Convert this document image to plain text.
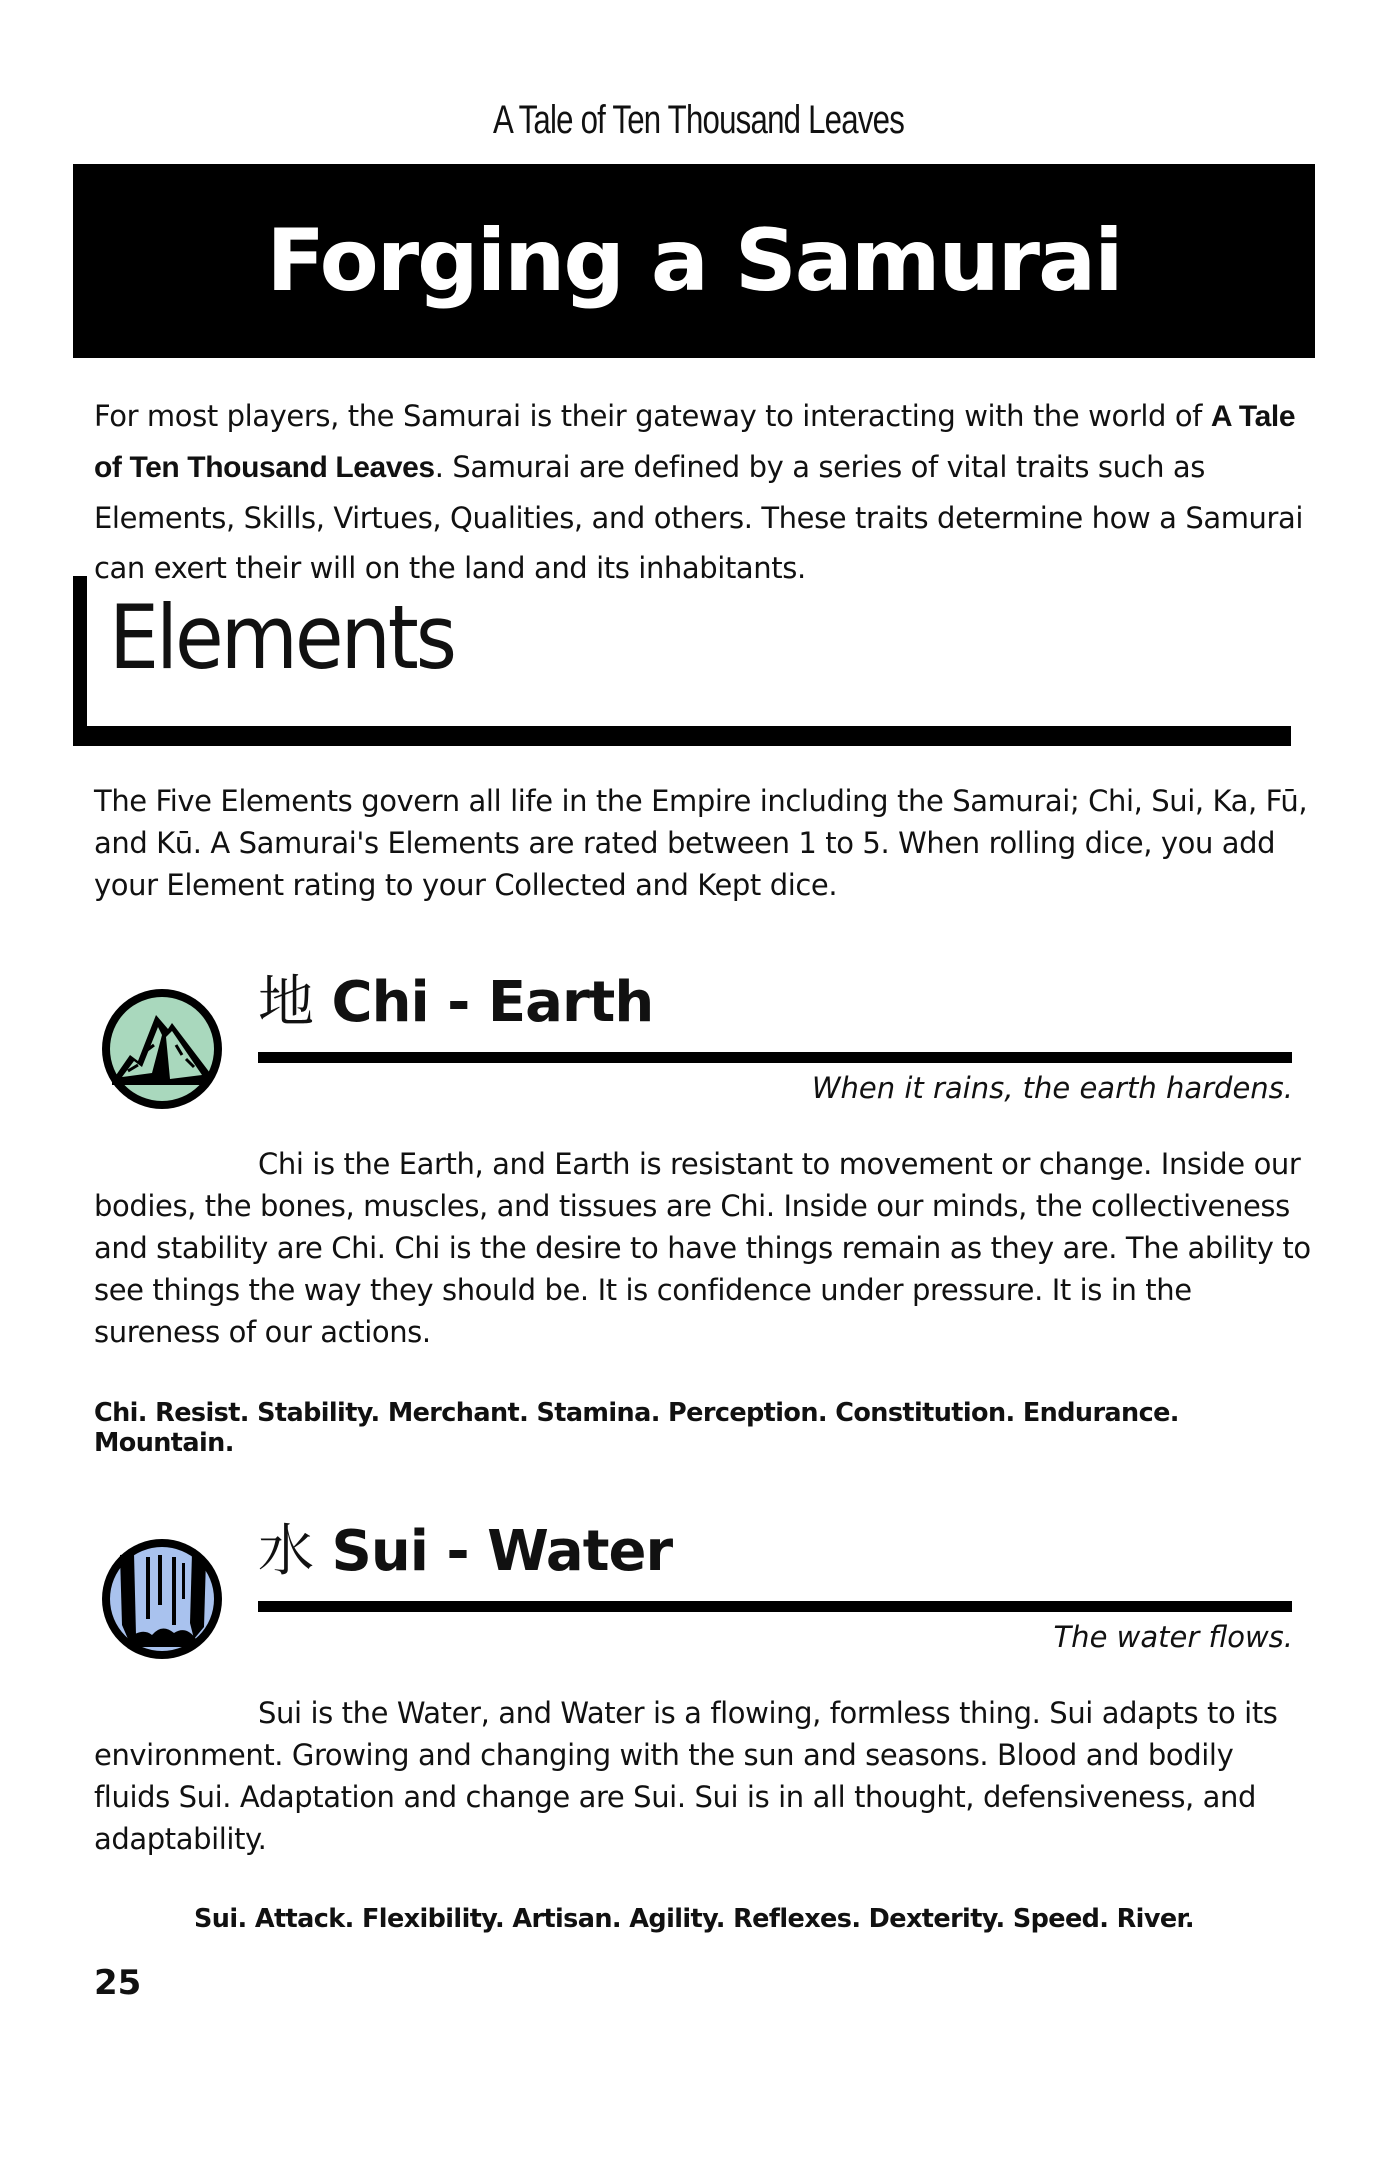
A Tale of Ten Thousand Leaves
Forging a Samurai

For most players, the Samurai is their gateway to interacting with the world of A Tale of Ten Thousand Leaves. Samurai are defined by a series of vital traits such as Elements, Skills, Virtues, Qualities, and others. These traits determine how a Samurai can exert their will on the land and its inhabitants.

Elements

The Five Elements govern all life in the Empire including the Samurai; Chi, Sui, Ka, Fū, and Kū. A Samurai's Elements are rated between 1 to 5. When rolling dice, you add your Element rating to your Collected and Kept dice.

地 Chi - Earth

When it rains, the earth hardens.

Chi is the Earth, and Earth is resistant to movement or change. Inside our bodies, the bones, muscles, and tissues are Chi. Inside our minds, the collectiveness and stability are Chi. Chi is the desire to have things remain as they are. The ability to see things the way they should be. It is confidence under pressure. It is in the sureness of our actions.

Chi. Resist. Stability. Merchant. Stamina. Perception. Constitution. Endurance. Mountain.

水 Sui - Water

The water flows.

Sui is the Water, and Water is a flowing, formless thing. Sui adapts to its environment. Growing and changing with the sun and seasons. Blood and bodily fluids Sui. Adaptation and change are Sui. Sui is in all thought, defensiveness, and adaptability.

Sui. Attack. Flexibility. Artisan. Agility. Reflexes. Dexterity. Speed. River.

25
